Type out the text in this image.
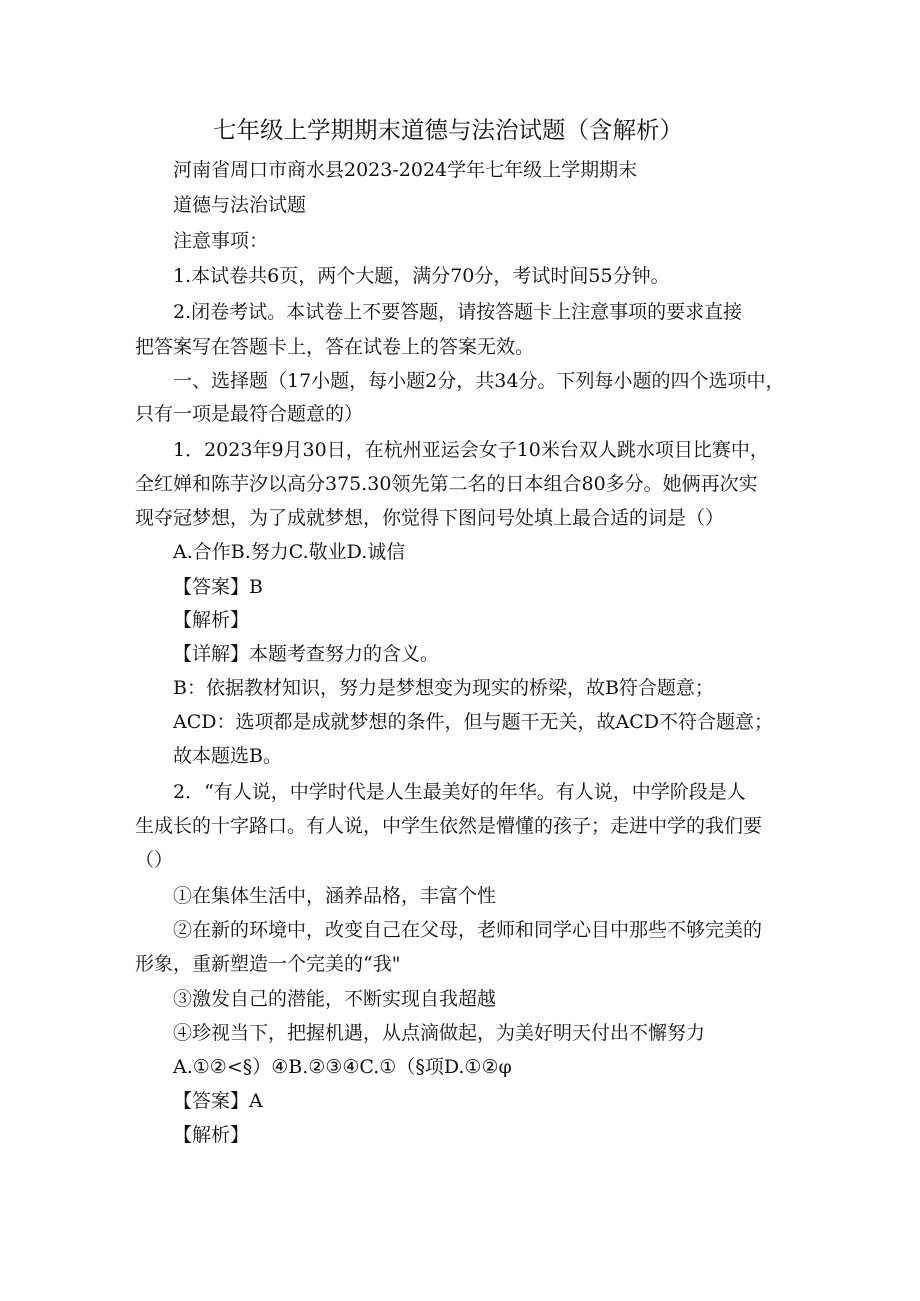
七年级上学期期末道德与法治试题（含解析）
河南省周口市商水县2023-2024学年七年级上学期期末
道德与法治试题
注意事项：
1.本试卷共6页，两个大题，满分70分，考试时间55分钟。
2.闭卷考试。本试卷上不要答题，请按答题卡上注意事项的要求直接
把答案写在答题卡上，答在试卷上的答案无效。
一、选择题（17小题，每小题2分，共34分。下列每小题的四个选项中，
只有一项是最符合题意的）
1．2023年9月30日，在杭州亚运会女子10米台双人跳水项目比赛中，
全红婵和陈芋汐以高分375.30领先第二名的日本组合80多分。她俩再次实
现夺冠梦想，为了成就梦想，你觉得下图问号处填上最合适的词是（）
A.合作B.努力C.敬业D.诚信
【答案】B
【解析】
【详解】本题考查努力的含义。
B：依据教材知识，努力是梦想变为现实的桥梁，故B符合题意；
ACD：选项都是成就梦想的条件，但与题干无关，故ACD不符合题意；
故本题选B。
2．“有人说，中学时代是人生最美好的年华。有人说，中学阶段是人
生成长的十字路口。有人说，中学生依然是懵懂的孩子；走进中学的我们要
（）
①在集体生活中，涵养品格，丰富个性
②在新的环境中，改变自己在父母，老师和同学心目中那些不够完美的
形象，重新塑造一个完美的“我"
③激发自己的潜能，不断实现自我超越
④珍视当下，把握机遇，从点滴做起，为美好明天付出不懈努力
A.①②<§）④B.②③④C.①（§项D.①②φ
【答案】A
【解析】
